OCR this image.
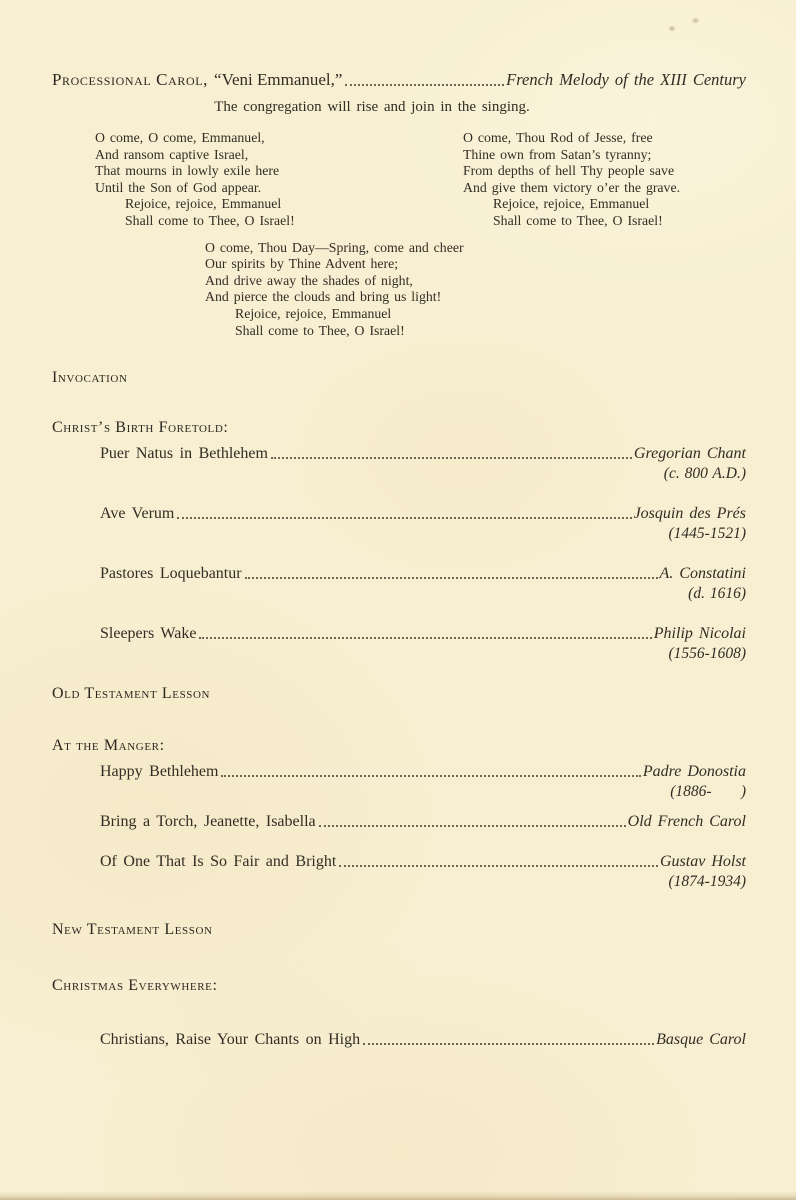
Processional Carol, “Veni Emmanuel,”	French Melody of the XIII Century
The congregation will rise and join in the singing.
O come, O come, Emmanuel,
And ransom captive Israel,
That mourns in lowly exile here
Until the Son of God appear.
Rejoice, rejoice, Emmanuel
Shall come to Thee, O Israel!
O come, Thou Rod of Jesse, free
Thine own from Satan’s tyranny;
From depths of hell Thy people save
And give them victory o’er the grave.
Rejoice, rejoice, Emmanuel
Shall come to Thee, O Israel!
O come, Thou Day—Spring, come and cheer
Our spirits by Thine Advent here;
And drive away the shades of night,
And pierce the clouds and bring us light!
Rejoice, rejoice, Emmanuel
Shall come to Thee, O Israel!
Invocation
Christ’s Birth Foretold:
Puer Natus in Bethlehem	Gregorian Chant
(c. 800 A.D.)
Ave Verum	Josquin des Prés
(1445-1521)
Pastores Loquebantur	A. Constatini
(d. 1616)
Sleepers Wake	Philip Nicolai
(1556-1608)
Old Testament Lesson
At the Manger:
Happy Bethlehem	Padre Donostia
(1886-      )
Bring a Torch, Jeanette, Isabella	Old French Carol
Of One That Is So Fair and Bright	Gustav Holst
(1874-1934)
New Testament Lesson
Christmas Everywhere:
Christians, Raise Your Chants on High	Basque Carol
